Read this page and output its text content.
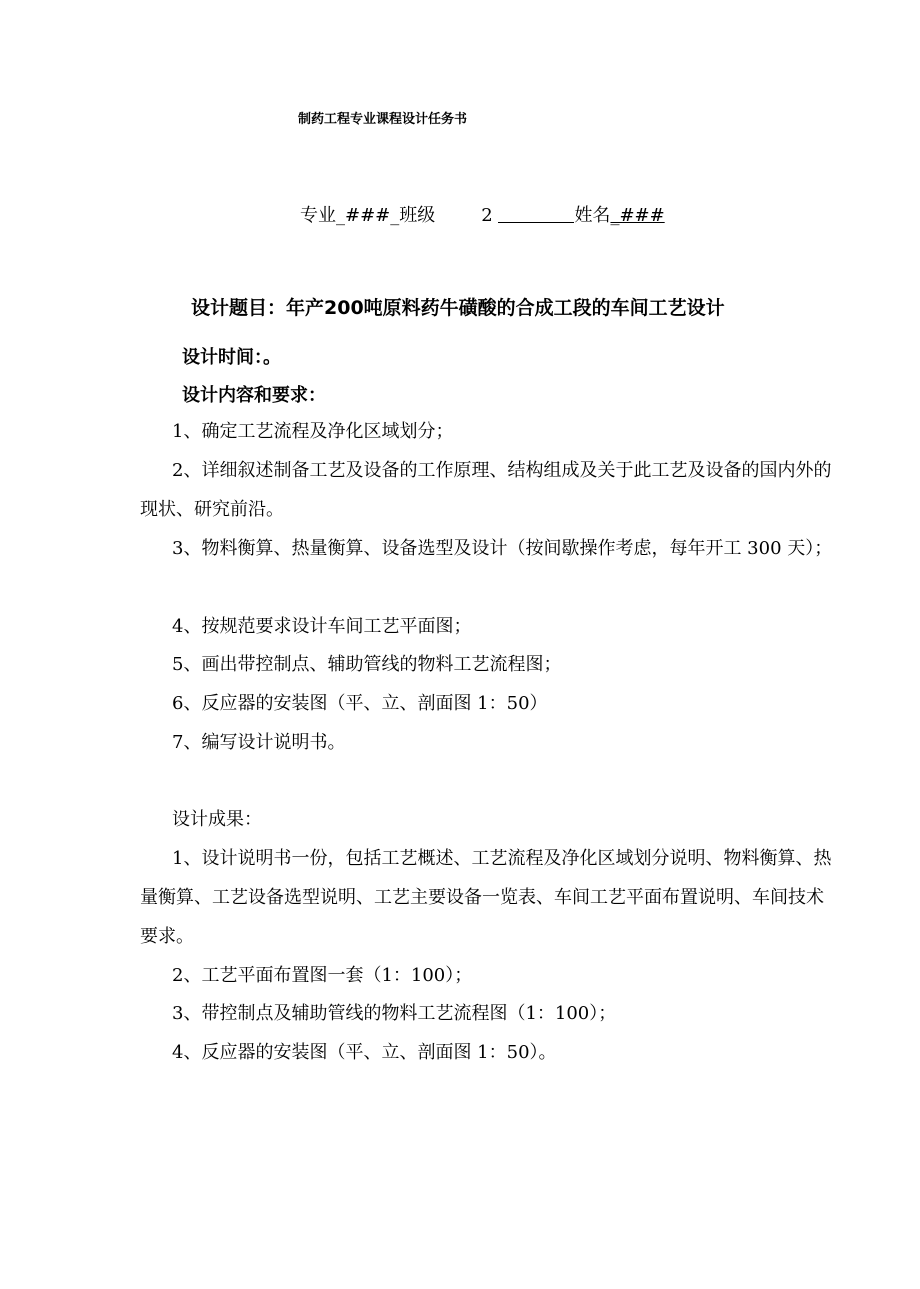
制药工程专业课程设计任务书

专业_###_班级	2	姓名_###

设计题目：年产200吨原料药牛磺酸的合成工段的车间工艺设计

设计时间：。

设计内容和要求：

1、确定工艺流程及净化区域划分；

2、详细叙述制备工艺及设备的工作原理、结构组成及关于此工艺及设备的国内外的现状、研究前沿。

3、物料衡算、热量衡算、设备选型及设计（按间歇操作考虑，每年开工 300 天）；

4、按规范要求设计车间工艺平面图；

5、画出带控制点、辅助管线的物料工艺流程图；

6、反应器的安装图（平、立、剖面图 1：50）

7、编写设计说明书。

设计成果：

1、设计说明书一份，包括工艺概述、工艺流程及净化区域划分说明、物料衡算、热量衡算、工艺设备选型说明、工艺主要设备一览表、车间工艺平面布置说明、车间技术要求。

2、工艺平面布置图一套（1：100）；

3、带控制点及辅助管线的物料工艺流程图（1：100）；

4、反应器的安装图（平、立、剖面图 1：50）。
